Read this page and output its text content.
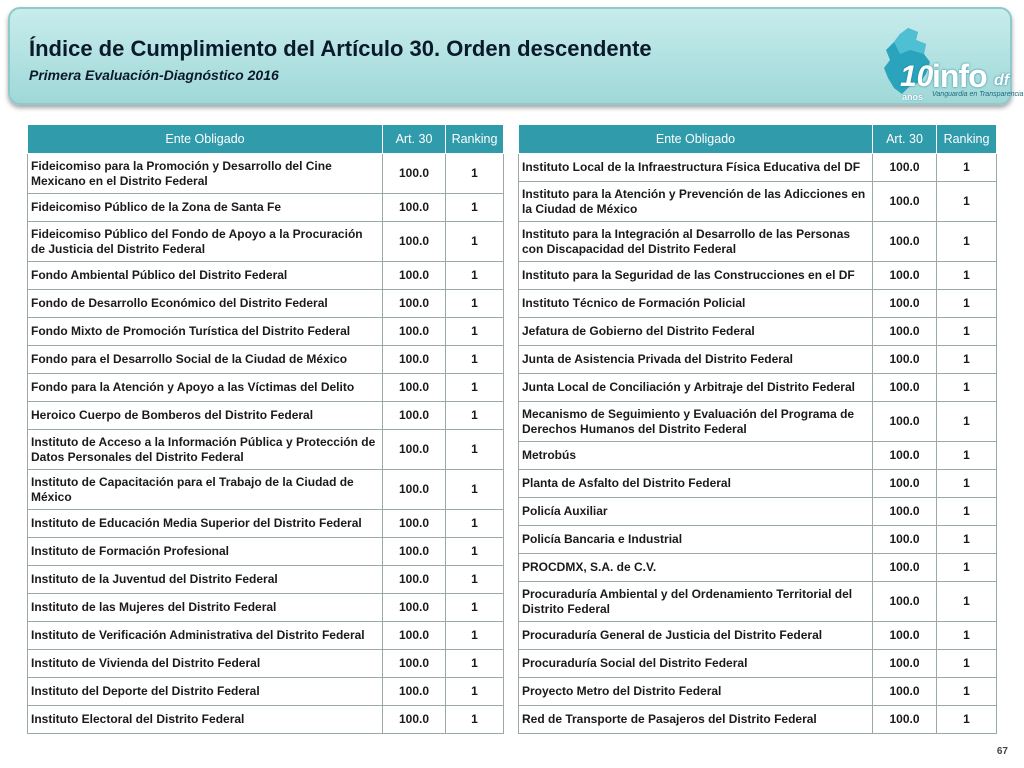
Índice de Cumplimiento del Artículo 30. Orden descendente
Primera Evaluación-Diagnóstico 2016	10
info df
años Vanguardia en Transparencia
Ente Obligado	Art. 30	Ranking
Fideicomiso para la Promoción y Desarrollo del Cine Mexicano en el Distrito Federal	100.0	1
Fideicomiso Público de la Zona de Santa Fe	100.0	1
Fideicomiso Público del Fondo de Apoyo a la Procuración de Justicia del Distrito Federal	100.0	1
Fondo Ambiental Público del Distrito Federal	100.0	1
Fondo de Desarrollo Económico del Distrito Federal	100.0	1
Fondo Mixto de Promoción Turística del Distrito Federal	100.0	1
Fondo para el Desarrollo Social de la Ciudad de México	100.0	1
Fondo para la Atención y Apoyo a las Víctimas del Delito	100.0	1
Heroico Cuerpo de Bomberos del Distrito Federal	100.0	1
Instituto de Acceso a la Información Pública y Protección de Datos Personales del Distrito Federal	100.0	1
Instituto de Capacitación para el Trabajo de la Ciudad de México	100.0	1
Instituto de Educación Media Superior del Distrito Federal	100.0	1
Instituto de Formación Profesional	100.0	1
Instituto de la Juventud del Distrito Federal	100.0	1
Instituto de las Mujeres del Distrito Federal	100.0	1
Instituto de Verificación Administrativa del Distrito Federal	100.0	1
Instituto de Vivienda del Distrito Federal	100.0	1
Instituto del Deporte del Distrito Federal	100.0	1
Instituto Electoral del Distrito Federal	100.0	1
Ente Obligado	Art. 30	Ranking
Instituto Local de la Infraestructura Física Educativa del DF	100.0	1
Instituto para la Atención y Prevención de las Adicciones en la Ciudad de México	100.0	1
Instituto para la Integración al Desarrollo de las Personas con Discapacidad del Distrito Federal	100.0	1
Instituto para la Seguridad de las Construcciones en el DF	100.0	1
Instituto Técnico de Formación Policial	100.0	1
Jefatura de Gobierno del Distrito Federal	100.0	1
Junta de Asistencia Privada del Distrito Federal	100.0	1
Junta Local de Conciliación y Arbitraje del Distrito Federal	100.0	1
Mecanismo de Seguimiento y Evaluación del Programa de Derechos Humanos del Distrito Federal	100.0	1
Metrobús	100.0	1
Planta de Asfalto del Distrito Federal	100.0	1
Policía Auxiliar	100.0	1
Policía Bancaria e Industrial	100.0	1
PROCDMX, S.A. de C.V.	100.0	1
Procuraduría Ambiental y del Ordenamiento Territorial del Distrito Federal	100.0	1
Procuraduría General de Justicia del Distrito Federal	100.0	1
Procuraduría Social del Distrito Federal	100.0	1
Proyecto Metro del Distrito Federal	100.0	1
Red de Transporte de Pasajeros del Distrito Federal	100.0	1
67
